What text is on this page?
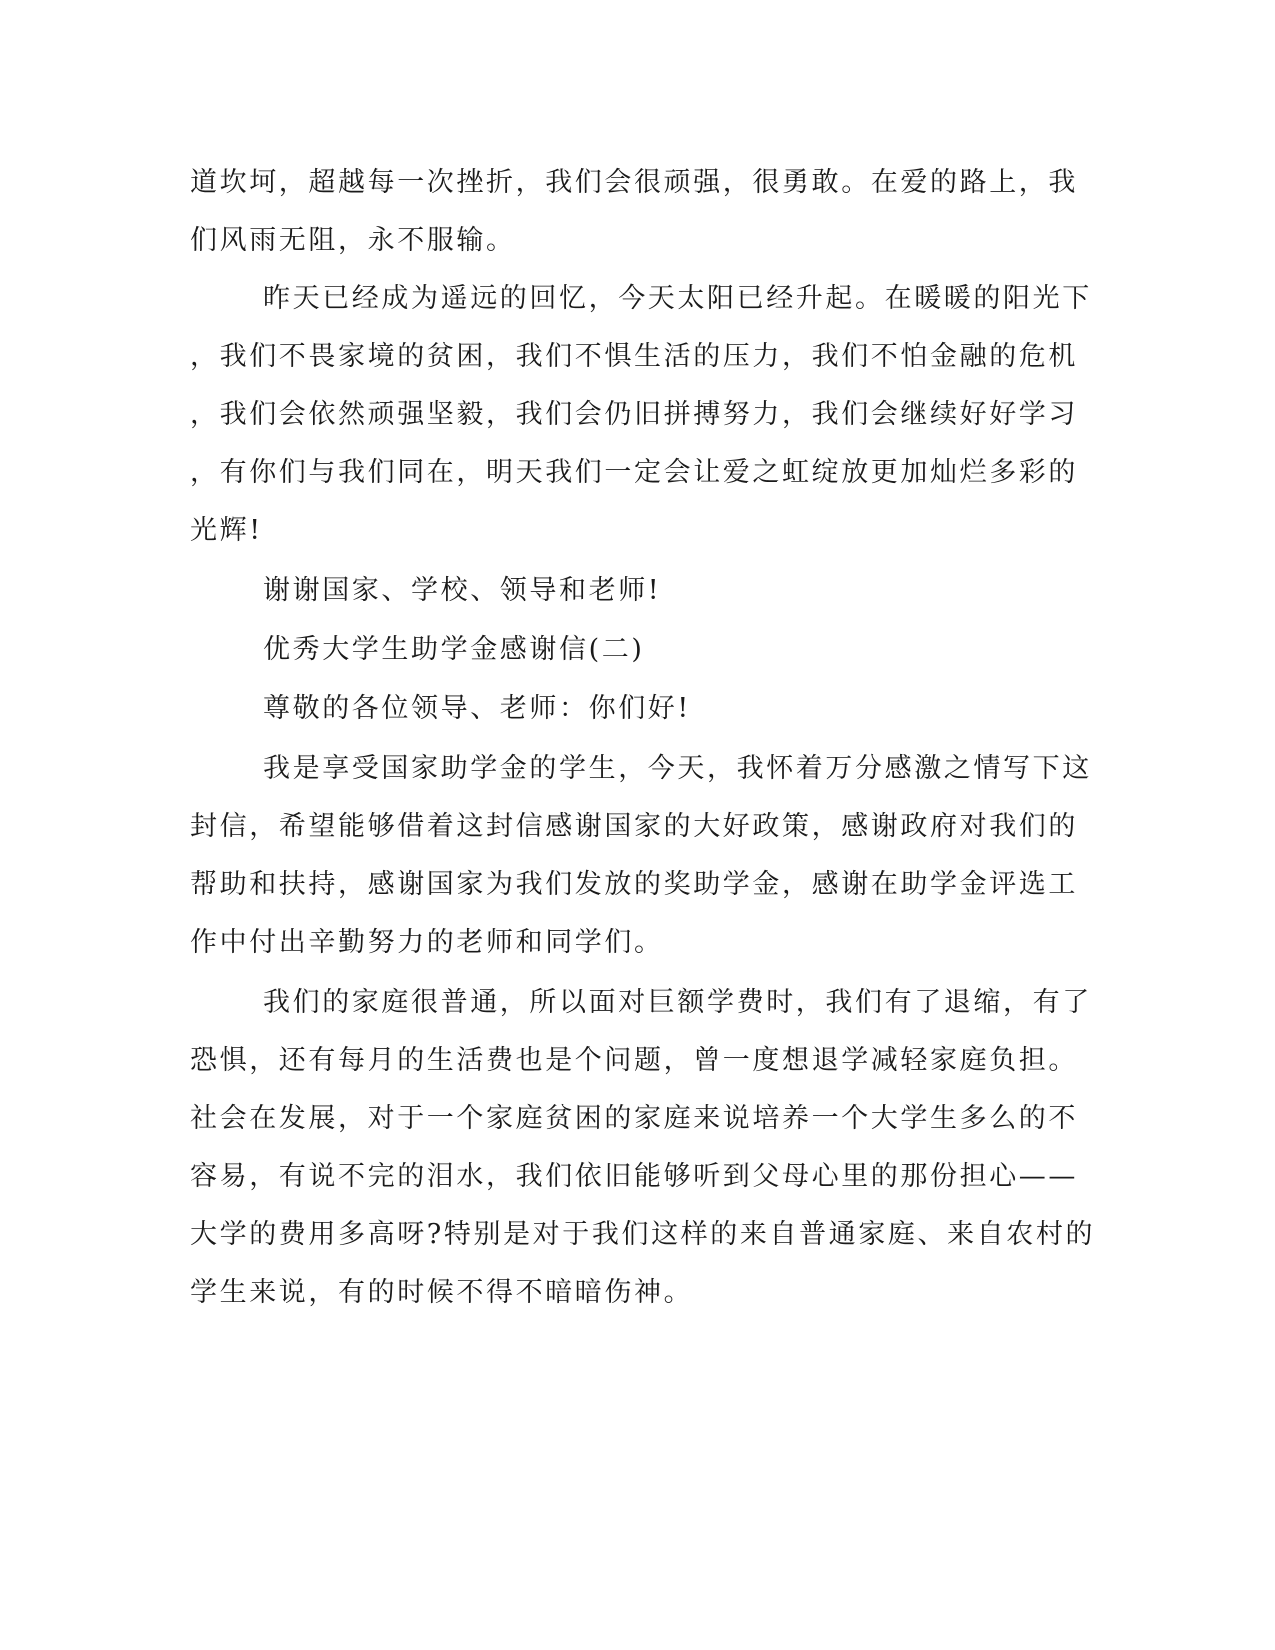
道坎坷，超越每一次挫折，我们会很顽强，很勇敢。在爱的路上，我
们风雨无阻，永不服输。
昨天已经成为遥远的回忆，今天太阳已经升起。在暖暖的阳光下
，我们不畏家境的贫困，我们不惧生活的压力，我们不怕金融的危机
，我们会依然顽强坚毅，我们会仍旧拼搏努力，我们会继续好好学习
，有你们与我们同在，明天我们一定会让爱之虹绽放更加灿烂多彩的
光辉!
谢谢国家、学校、领导和老师!
优秀大学生助学金感谢信(二)
尊敬的各位领导、老师：你们好!
我是享受国家助学金的学生，今天，我怀着万分感激之情写下这
封信，希望能够借着这封信感谢国家的大好政策，感谢政府对我们的
帮助和扶持，感谢国家为我们发放的奖助学金，感谢在助学金评选工
作中付出辛勤努力的老师和同学们。
我们的家庭很普通，所以面对巨额学费时，我们有了退缩，有了
恐惧，还有每月的生活费也是个问题，曾一度想退学减轻家庭负担。
社会在发展，对于一个家庭贫困的家庭来说培养一个大学生多么的不
容易，有说不完的泪水，我们依旧能够听到父母心里的那份担心——
大学的费用多高呀?特别是对于我们这样的来自普通家庭、来自农村的
学生来说，有的时候不得不暗暗伤神。
